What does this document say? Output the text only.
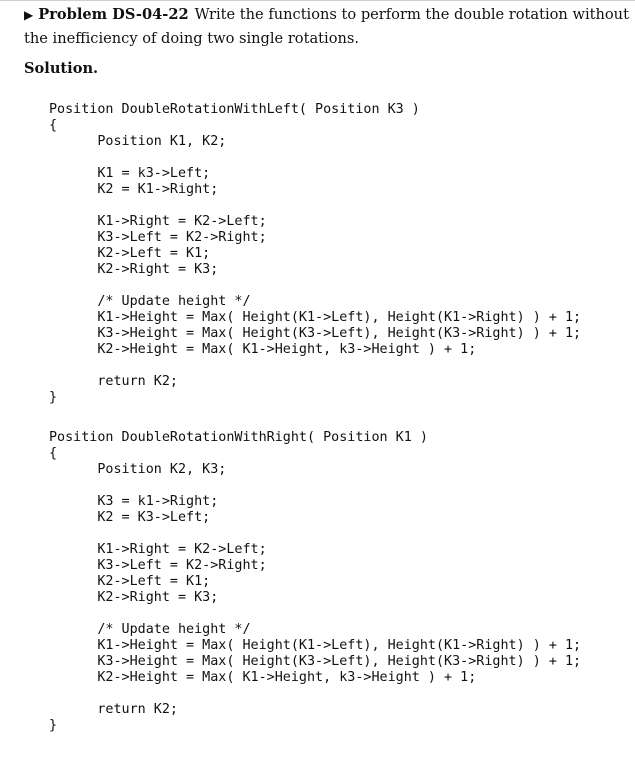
▶ Problem DS-04-22 Write the functions to perform the double rotation without the inefficiency of doing two single rotations.
Solution.
Position DoubleRotationWithLeft( Position K3 )
{
Position K1, K2;
K1 = k3->Left;
K2 = K1->Right;
K1->Right = K2->Left;
K3->Left = K2->Right;
K2->Left = K1;
K2->Right = K3;
/* Update height */
K1->Height = Max( Height(K1->Left), Height(K1->Right) ) + 1;
K3->Height = Max( Height(K3->Left), Height(K3->Right) ) + 1;
K2->Height = Max( K1->Height, k3->Height ) + 1;
return K2;
}
Position DoubleRotationWithRight( Position K1 )
{
Position K2, K3;
K3 = k1->Right;
K2 = K3->Left;
K1->Right = K2->Left;
K3->Left = K2->Right;
K2->Left = K1;
K2->Right = K3;
/* Update height */
K1->Height = Max( Height(K1->Left), Height(K1->Right) ) + 1;
K3->Height = Max( Height(K3->Left), Height(K3->Right) ) + 1;
K2->Height = Max( K1->Height, k3->Height ) + 1;
return K2;
}
